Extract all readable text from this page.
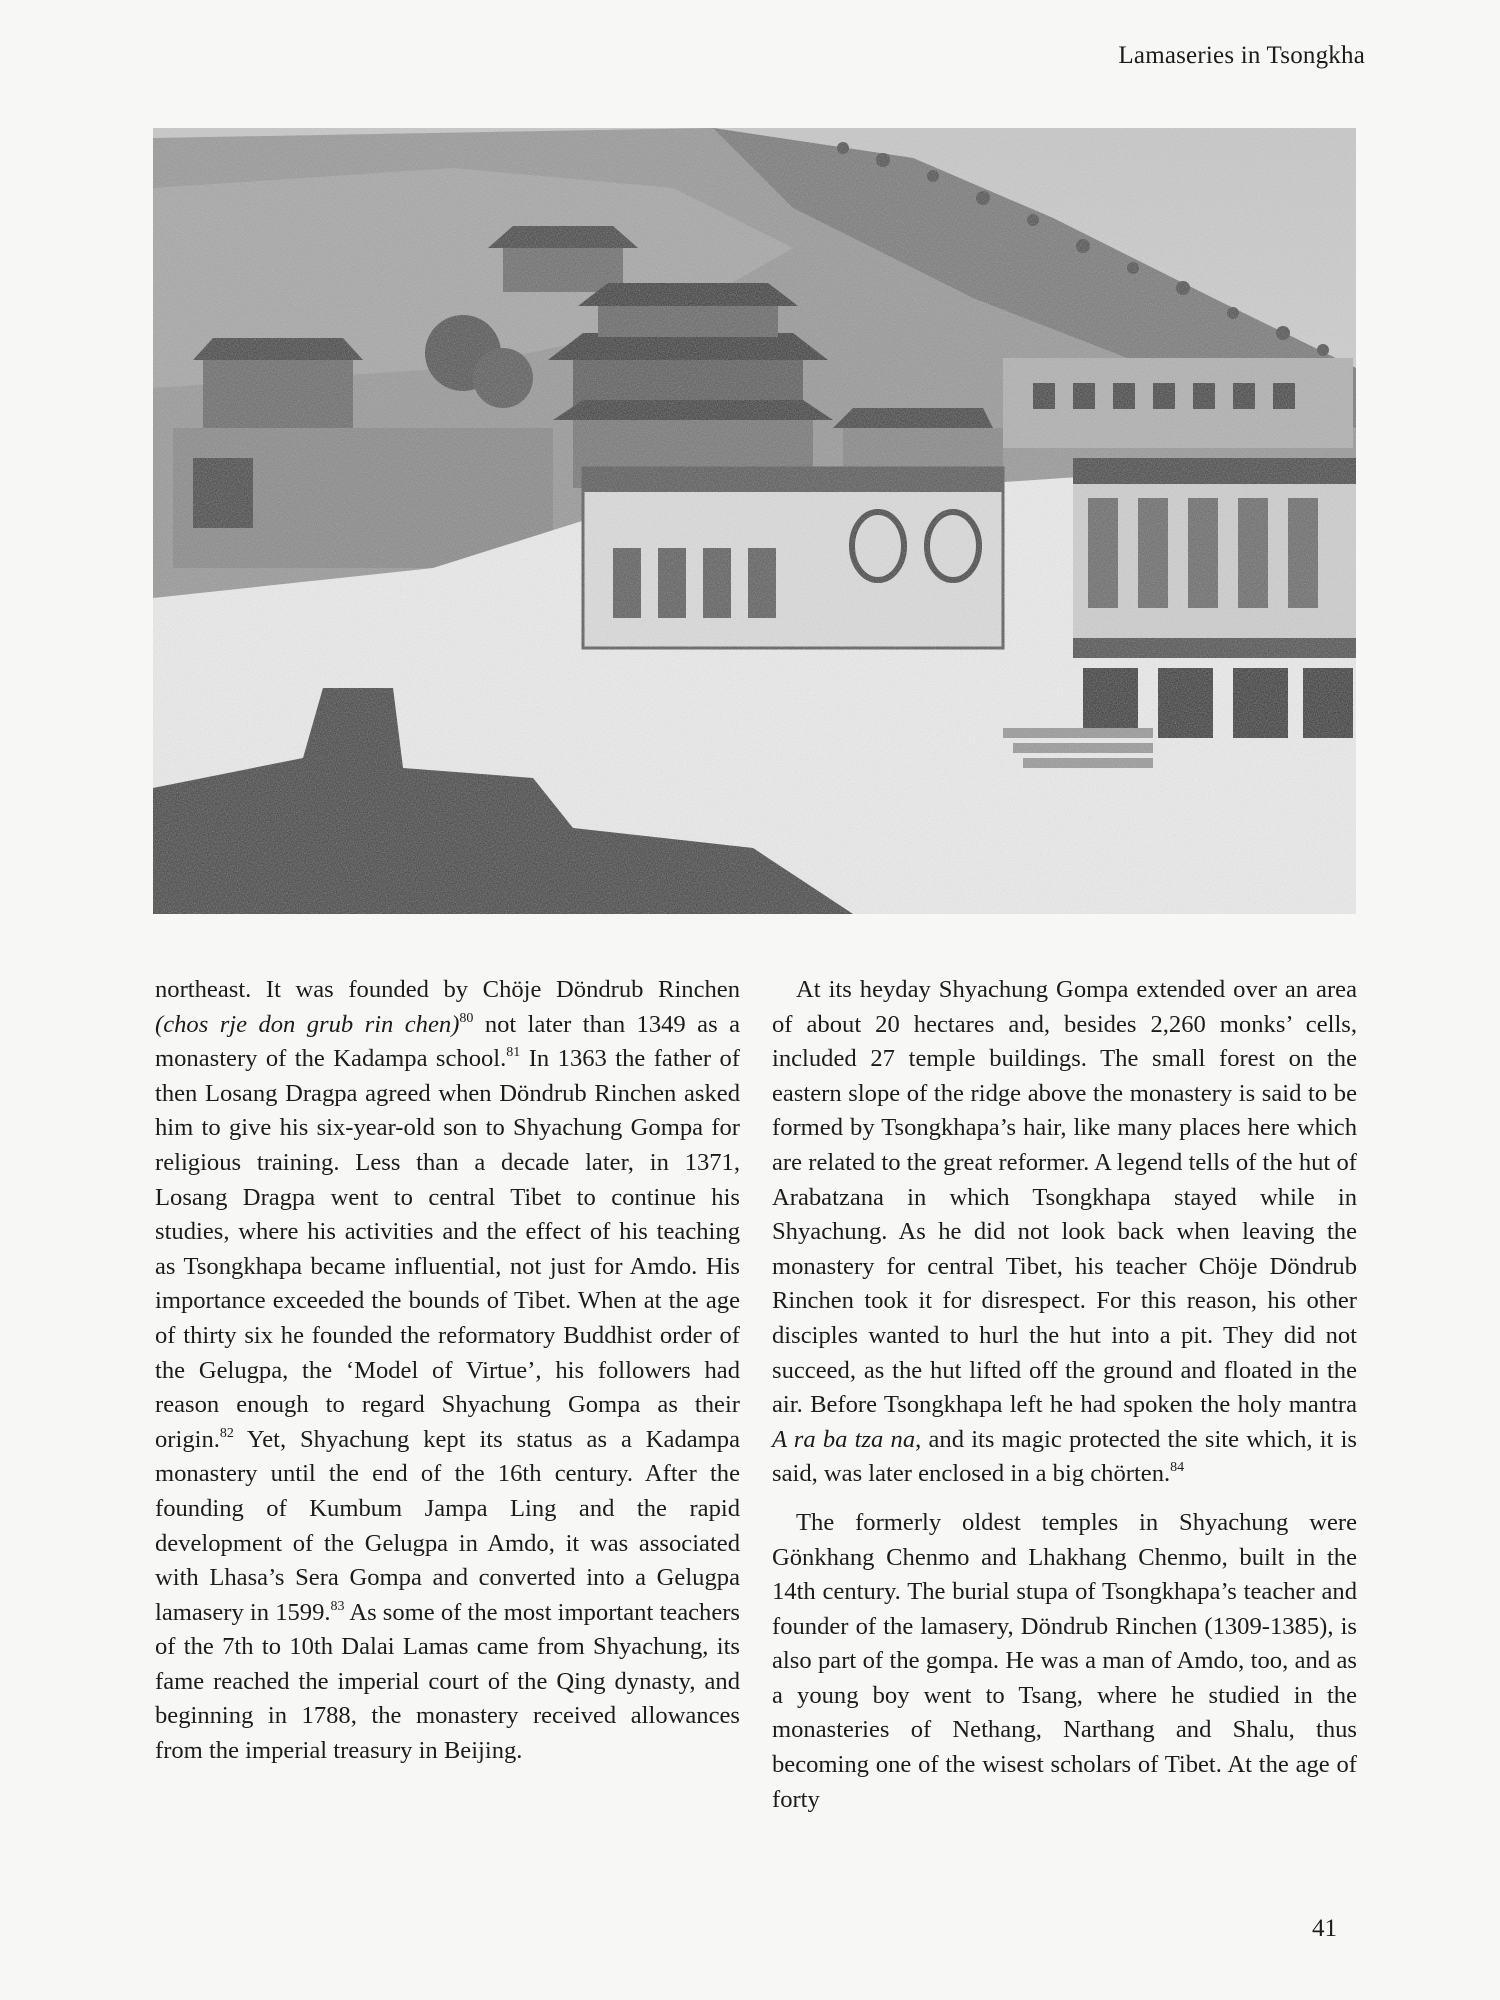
Lamaseries in Tsongkha

northeast. It was founded by Chöje Döndrub Rinchen (chos rje don grub rin chen)$^{80}$ not later than 1349 as a monastery of the Kadampa school.$^{81}$ In 1363 the father of then Losang Dragpa agreed when Döndrub Rinchen asked him to give his six-year-old son to Shyachung Gompa for religious training. Less than a decade later, in 1371, Losang Dragpa went to central Tibet to continue his studies, where his activities and the effect of his teaching as Tsongkhapa became influential, not just for Amdo. His importance exceeded the bounds of Tibet. When at the age of thirty six he founded the reformatory Buddhist order of the Gelugpa, the ‘Model of Virtue’, his followers had reason enough to regard Shyachung Gompa as their origin.$^{82}$ Yet, Shyachung kept its status as a Kadampa monastery until the end of the 16th century. After the founding of Kumbum Jampa Ling and the rapid development of the Gelugpa in Amdo, it was associated with Lhasa’s Sera Gompa and converted into a Gelugpa lamasery in 1599.83 As some of the most important teachers of the 7th to 10th Dalai Lamas came from Shyachung, its fame reached the imperial court of the Qing dynasty, and beginning in 1788, the monastery received allowances from the imperial treasury in Beijing.

At its heyday Shyachung Gompa extended over an area of about 20 hectares and, besides 2,260 monks’ cells, included 27 temple buildings. The small forest on the eastern slope of the ridge above the monastery is said to be formed by Tsongkhapa’s hair, like many places here which are related to the great reformer. A legend tells of the hut of Arabatzana in which Tsongkhapa stayed while in Shyachung. As he did not look back when leaving the monastery for central Tibet, his teacher Chöje Döndrub Rinchen took it for disrespect. For this reason, his other disciples wanted to hurl the hut into a pit. They did not succeed, as the hut lifted off the ground and floated in the air. Before Tsongkhapa left he had spoken the holy mantra A ra ba tza na, and its magic protected the site which, it is said, was later enclosed in a big chörten.$^{84}$

The formerly oldest temples in Shyachung were Gönkhang Chenmo and Lhakhang Chenmo, built in the 14th century. The burial stupa of Tsongkhapa’s teacher and founder of the lamasery, Döndrub Rinchen (1309-1385), is also part of the gompa. He was a man of Amdo, too, and as a young boy went to Tsang, where he studied in the monasteries of Nethang, Narthang and Shalu, thus becoming one of the wisest scholars of Tibet. At the age of forty

41
